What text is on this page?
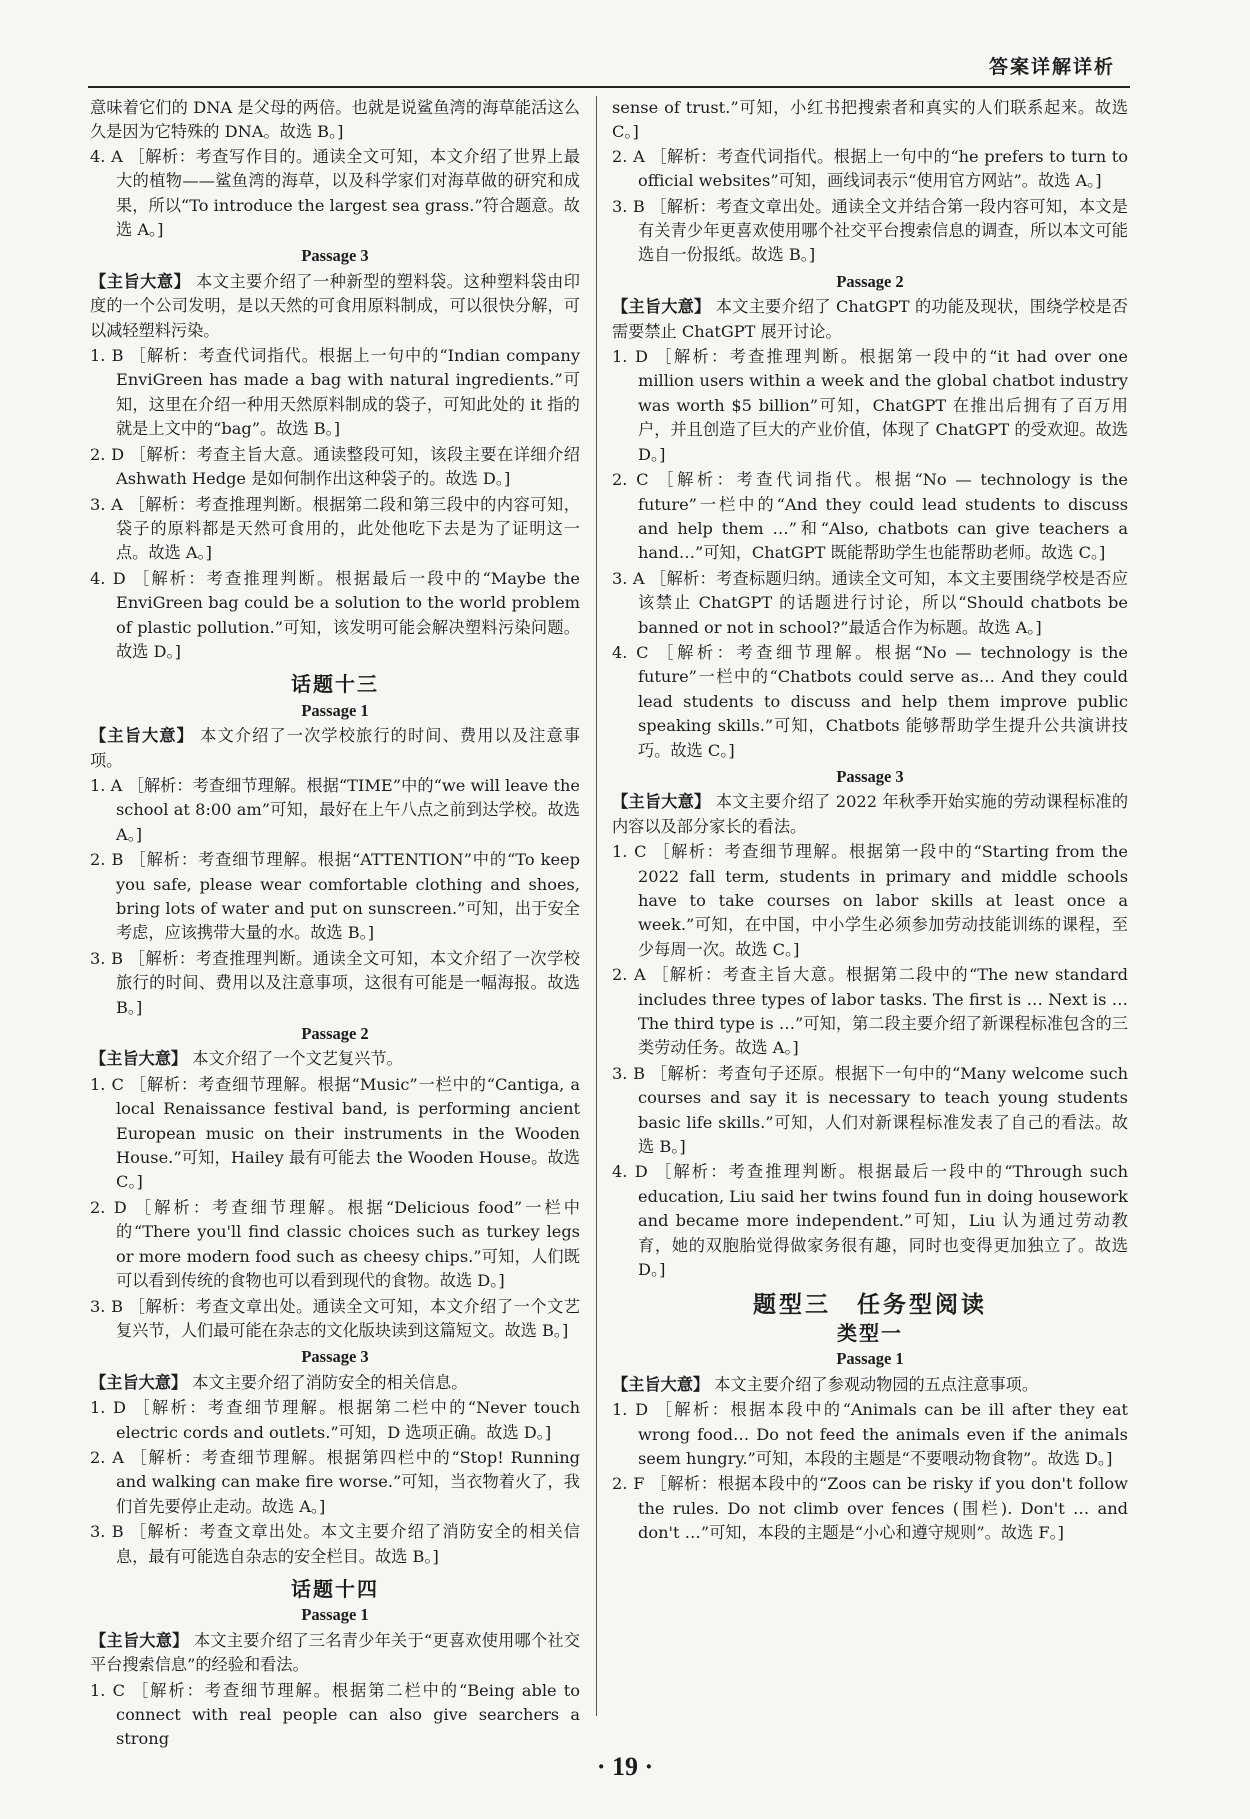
答案详解详析
意味着它们的 DNA 是父母的两倍。也就是说鲨鱼湾的海草能活这么久是因为它特殊的 DNA。故选 B。]
4. A ［解析：考查写作目的。通读全文可知，本文介绍了世界上最大的植物——鲨鱼湾的海草，以及科学家们对海草做的研究和成果，所以“To introduce the largest sea grass.”符合题意。故选 A。]
Passage 3
【主旨大意】 本文主要介绍了一种新型的塑料袋。这种塑料袋由印度的一个公司发明，是以天然的可食用原料制成，可以很快分解，可以减轻塑料污染。
1. B ［解析：考查代词指代。根据上一句中的“Indian company EnviGreen has made a bag with natural ingredients.”可知，这里在介绍一种用天然原料制成的袋子，可知此处的 it 指的就是上文中的“bag”。故选 B。]
2. D ［解析：考查主旨大意。通读整段可知，该段主要在详细介绍 Ashwath Hedge 是如何制作出这种袋子的。故选 D。]
3. A ［解析：考查推理判断。根据第二段和第三段中的内容可知，袋子的原料都是天然可食用的，此处他吃下去是为了证明这一点。故选 A。]
4. D ［解析：考查推理判断。根据最后一段中的“Maybe the EnviGreen bag could be a solution to the world problem of plastic pollution.”可知，该发明可能会解决塑料污染问题。故选 D。]
话题十三
Passage 1
【主旨大意】 本文介绍了一次学校旅行的时间、费用以及注意事项。
1. A ［解析：考查细节理解。根据“TIME”中的“we will leave the school at 8:00 am”可知，最好在上午八点之前到达学校。故选 A。]
2. B ［解析：考查细节理解。根据“ATTENTION”中的“To keep you safe, please wear comfortable clothing and shoes, bring lots of water and put on sunscreen.”可知，出于安全考虑，应该携带大量的水。故选 B。]
3. B ［解析：考查推理判断。通读全文可知，本文介绍了一次学校旅行的时间、费用以及注意事项，这很有可能是一幅海报。故选 B。]
Passage 2
【主旨大意】 本文介绍了一个文艺复兴节。
1. C ［解析：考查细节理解。根据“Music”一栏中的“Cantiga, a local Renaissance festival band, is performing ancient European music on their instruments in the Wooden House.”可知，Hailey 最有可能去 the Wooden House。故选 C。]
2. D ［解析：考查细节理解。根据“Delicious food”一栏中的“There you'll find classic choices such as turkey legs or more modern food such as cheesy chips.”可知，人们既可以看到传统的食物也可以看到现代的食物。故选 D。]
3. B ［解析：考查文章出处。通读全文可知，本文介绍了一个文艺复兴节，人们最可能在杂志的文化版块读到这篇短文。故选 B。]
Passage 3
【主旨大意】 本文主要介绍了消防安全的相关信息。
1. D ［解析：考查细节理解。根据第二栏中的“Never touch electric cords and outlets.”可知，D 选项正确。故选 D。]
2. A ［解析：考查细节理解。根据第四栏中的“Stop! Running and walking can make fire worse.”可知，当衣物着火了，我们首先要停止走动。故选 A。]
3. B ［解析：考查文章出处。本文主要介绍了消防安全的相关信息，最有可能选自杂志的安全栏目。故选 B。]
话题十四
Passage 1
【主旨大意】 本文主要介绍了三名青少年关于“更喜欢使用哪个社交平台搜索信息”的经验和看法。
1. C ［解析：考查细节理解。根据第二栏中的“Being able to connect with real people can also give searchers a strong
sense of trust.”可知，小红书把搜索者和真实的人们联系起来。故选 C。]
2. A ［解析：考查代词指代。根据上一句中的“he prefers to turn to official websites”可知，画线词表示“使用官方网站”。故选 A。]
3. B ［解析：考查文章出处。通读全文并结合第一段内容可知，本文是有关青少年更喜欢使用哪个社交平台搜索信息的调查，所以本文可能选自一份报纸。故选 B。]
Passage 2
【主旨大意】 本文主要介绍了 ChatGPT 的功能及现状，围绕学校是否需要禁止 ChatGPT 展开讨论。
1. D ［解析：考查推理判断。根据第一段中的“it had over one million users within a week and the global chatbot industry was worth $5 billion”可知，ChatGPT 在推出后拥有了百万用户，并且创造了巨大的产业价值，体现了 ChatGPT 的受欢迎。故选 D。]
2. C ［解析：考查代词指代。根据“No — technology is the future”一栏中的“And they could lead students to discuss and help them …”和“Also, chatbots can give teachers a hand…”可知，ChatGPT 既能帮助学生也能帮助老师。故选 C。]
3. A ［解析：考查标题归纳。通读全文可知，本文主要围绕学校是否应该禁止 ChatGPT 的话题进行讨论，所以“Should chatbots be banned or not in school?”最适合作为标题。故选 A。]
4. C ［解析：考查细节理解。根据“No — technology is the future”一栏中的“Chatbots could serve as… And they could lead students to discuss and help them improve public speaking skills.”可知，Chatbots 能够帮助学生提升公共演讲技巧。故选 C。]
Passage 3
【主旨大意】 本文主要介绍了 2022 年秋季开始实施的劳动课程标准的内容以及部分家长的看法。
1. C ［解析：考查细节理解。根据第一段中的“Starting from the 2022 fall term, students in primary and middle schools have to take courses on labor skills at least once a week.”可知，在中国，中小学生必须参加劳动技能训练的课程，至少每周一次。故选 C。]
2. A ［解析：考查主旨大意。根据第二段中的“The new standard includes three types of labor tasks. The first is … Next is … The third type is …”可知，第二段主要介绍了新课程标准包含的三类劳动任务。故选 A。]
3. B ［解析：考查句子还原。根据下一句中的“Many welcome such courses and say it is necessary to teach young students basic life skills.”可知，人们对新课程标准发表了自己的看法。故选 B。]
4. D ［解析：考查推理判断。根据最后一段中的“Through such education, Liu said her twins found fun in doing housework and became more independent.”可知，Liu 认为通过劳动教育，她的双胞胎觉得做家务很有趣，同时也变得更加独立了。故选 D。]
题型三　任务型阅读
类型一
Passage 1
【主旨大意】 本文主要介绍了参观动物园的五点注意事项。
1. D ［解析：根据本段中的“Animals can be ill after they eat wrong food… Do not feed the animals even if the animals seem hungry.”可知，本段的主题是“不要喂动物食物”。故选 D。]
2. F ［解析：根据本段中的“Zoos can be risky if you don't follow the rules. Do not climb over fences (围栏). Don't … and don't …”可知，本段的主题是“小心和遵守规则”。故选 F。]
· 19 ·
